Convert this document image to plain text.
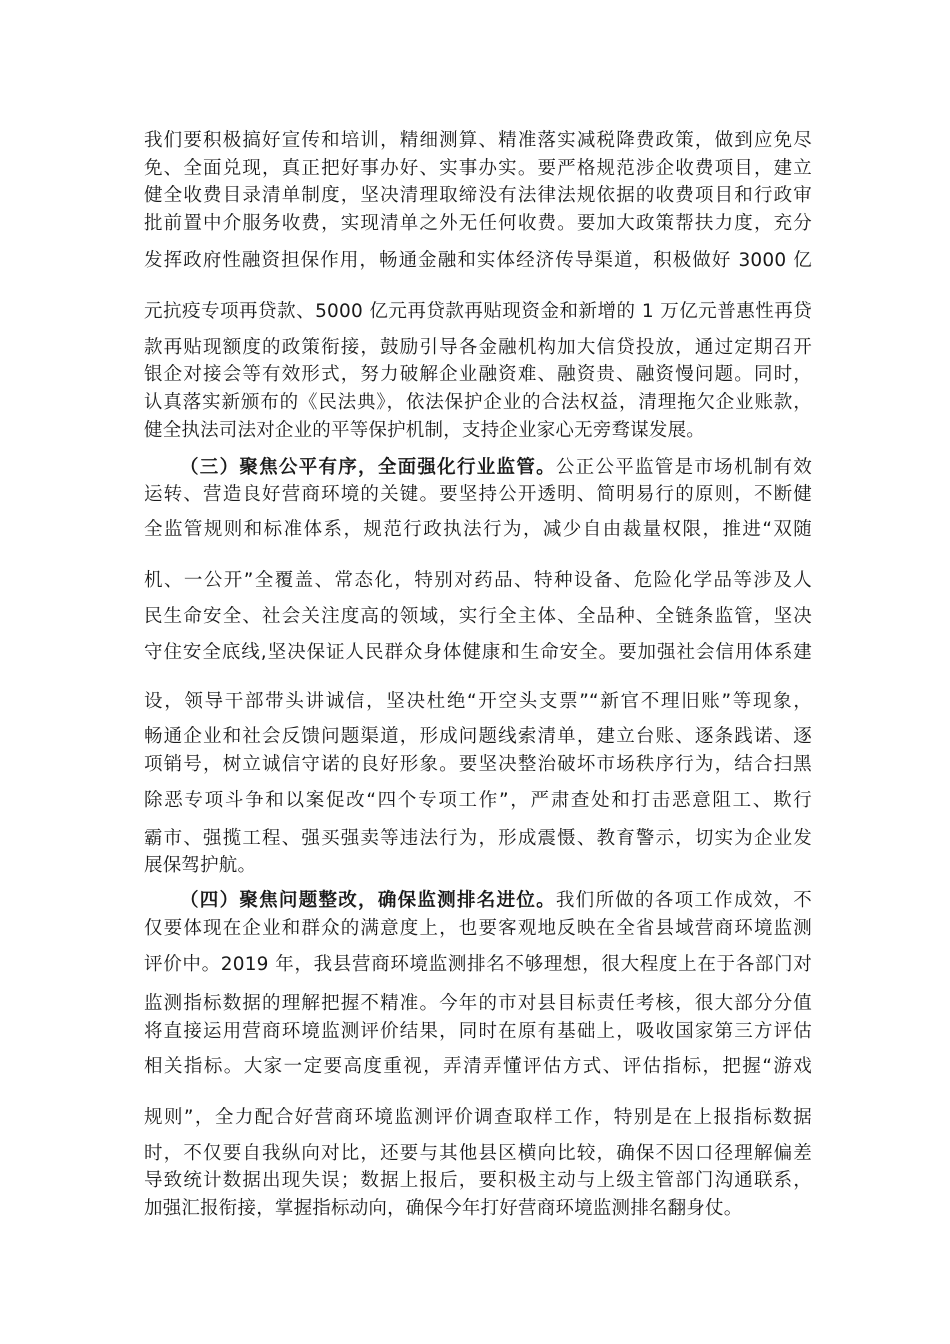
我们要积极搞好宣传和培训，精细测算、精准落实减税降费政策，做到应免尽
免、全面兑现，真正把好事办好、实事办实。要严格规范涉企收费项目，建立
健全收费目录清单制度，坚决清理取缔没有法律法规依据的收费项目和行政审
批前置中介服务收费，实现清单之外无任何收费。要加大政策帮扶力度，充分
发挥政府性融资担保作用，畅通金融和实体经济传导渠道，积极做好 3000 亿
元抗疫专项再贷款、5000 亿元再贷款再贴现资金和新增的 1 万亿元普惠性再贷
款再贴现额度的政策衔接，鼓励引导各金融机构加大信贷投放，通过定期召开
银企对接会等有效形式，努力破解企业融资难、融资贵、融资慢问题。同时，
认真落实新颁布的《民法典》，依法保护企业的合法权益，清理拖欠企业账款，
健全执法司法对企业的平等保护机制，支持企业家心无旁骛谋发展。
（三）聚焦公平有序，全面强化行业监管。公正公平监管是市场机制有效
运转、营造良好营商环境的关键。要坚持公开透明、简明易行的原则，不断健
全监管规则和标准体系，规范行政执法行为，减少自由裁量权限，推进“双随
机、一公开”全覆盖、常态化，特别对药品、特种设备、危险化学品等涉及人
民生命安全、社会关注度高的领域，实行全主体、全品种、全链条监管，坚决
守住安全底线,坚决保证人民群众身体健康和生命安全。要加强社会信用体系建
设，领导干部带头讲诚信，坚决杜绝“开空头支票”“新官不理旧账”等现象，
畅通企业和社会反馈问题渠道，形成问题线索清单，建立台账、逐条践诺、逐
项销号，树立诚信守诺的良好形象。要坚决整治破坏市场秩序行为，结合扫黑
除恶专项斗争和以案促改“四个专项工作”，严肃查处和打击恶意阻工、欺行
霸市、强揽工程、强买强卖等违法行为，形成震慑、教育警示，切实为企业发
展保驾护航。
（四）聚焦问题整改，确保监测排名进位。我们所做的各项工作成效，不
仅要体现在企业和群众的满意度上，也要客观地反映在全省县域营商环境监测
评价中。2019 年，我县营商环境监测排名不够理想，很大程度上在于各部门对
监测指标数据的理解把握不精准。今年的市对县目标责任考核，很大部分分值
将直接运用营商环境监测评价结果，同时在原有基础上，吸收国家第三方评估
相关指标。大家一定要高度重视，弄清弄懂评估方式、评估指标，把握“游戏
规则”，全力配合好营商环境监测评价调查取样工作，特别是在上报指标数据
时，不仅要自我纵向对比，还要与其他县区横向比较，确保不因口径理解偏差
导致统计数据出现失误；数据上报后，要积极主动与上级主管部门沟通联系，
加强汇报衔接，掌握指标动向，确保今年打好营商环境监测排名翻身仗。
